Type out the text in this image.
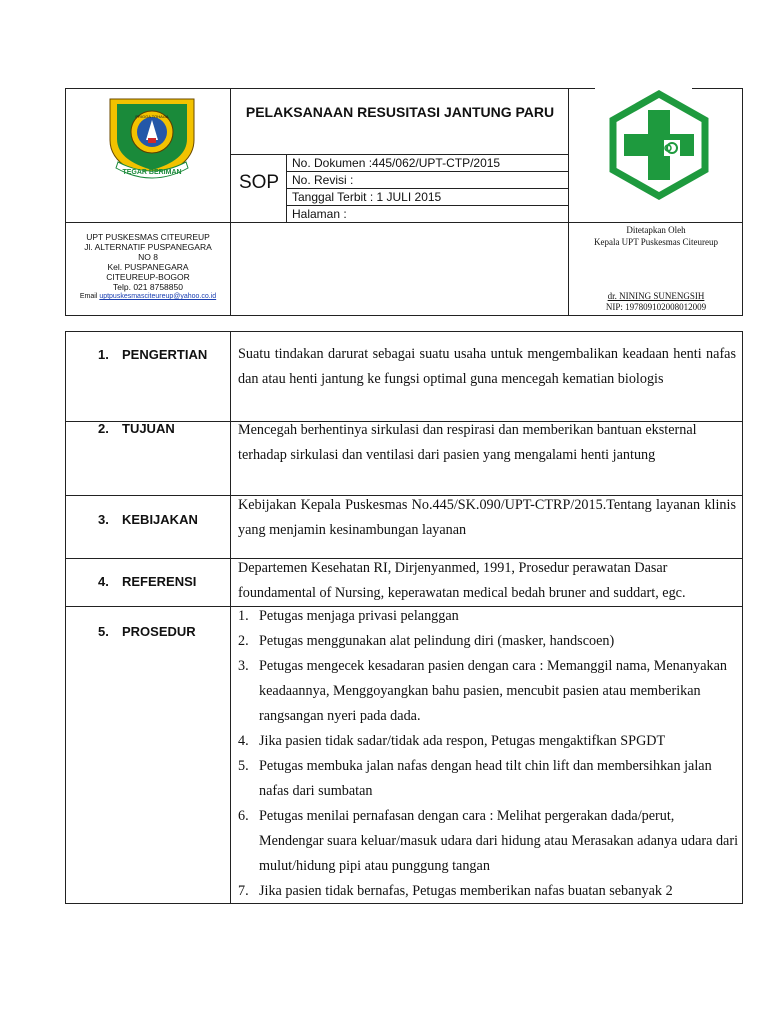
PRIGGA TOHAGA
TEGAR BERIMAN
PELAKSANAAN RESUSITASI JANTUNG PARU
SOP
No. Dokumen :445/062/UPT-CTP/2015
No. Revisi :
Tanggal Terbit : 1 JULI 2015
Halaman :
UPT PUSKESMAS CITEUREUP
Jl. ALTERNATIF PUSPANEGARA
NO 8
Kel. PUSPANEGARA
CITEUREUP-BOGOR
Telp. 021 8758850
Email uptpuskesmasciteureup@yahoo.co.id
Ditetapkan Oleh
Kepala UPT Puskesmas Citeureup
dr. NINING SUNENGSIH
NIP: 197809102008012009
1. PENGERTIAN Suatu tindakan darurat sebagai suatu usaha untuk mengembalikan keadaan henti nafas dan atau henti jantung ke fungsi optimal guna mencegah kematian biologis
2. TUJUAN	Mencegah berhentinya sirkulasi dan respirasi dan memberikan bantuan eksternal terhadap sirkulasi dan ventilasi dari pasien yang mengalami henti jantung
3. KEBIJAKAN
Kebijakan Kepala Puskesmas No.445/SK.090/UPT-CTRP/2015.Tentang layanan klinis yang menjamin kesinambungan layanan
4. REFERENSI
Departemen Kesehatan RI, Dirjenyanmed, 1991, Prosedur perawatan Dasar foundamental of Nursing, keperawatan medical bedah bruner and suddart, egc.
5. PROSEDUR
1. Petugas menjaga privasi pelanggan
2. Petugas menggunakan alat pelindung diri (masker, handscoen)
3. Petugas mengecek kesadaran pasien dengan cara : Memanggil nama, Menanyakan keadaannya, Menggoyangkan bahu pasien, mencubit pasien atau memberikan rangsangan nyeri pada dada.
4. Jika pasien tidak sadar/tidak ada respon, Petugas mengaktifkan SPGDT
5. Petugas membuka jalan nafas dengan head tilt chin lift dan membersihkan jalan nafas dari sumbatan
6. Petugas menilai pernafasan dengan cara : Melihat pergerakan dada/perut, Mendengar suara keluar/masuk udara dari hidung atau Merasakan adanya udara dari mulut/hidung pipi atau punggung tangan
7. Jika pasien tidak bernafas, Petugas memberikan nafas buatan sebanyak 2
